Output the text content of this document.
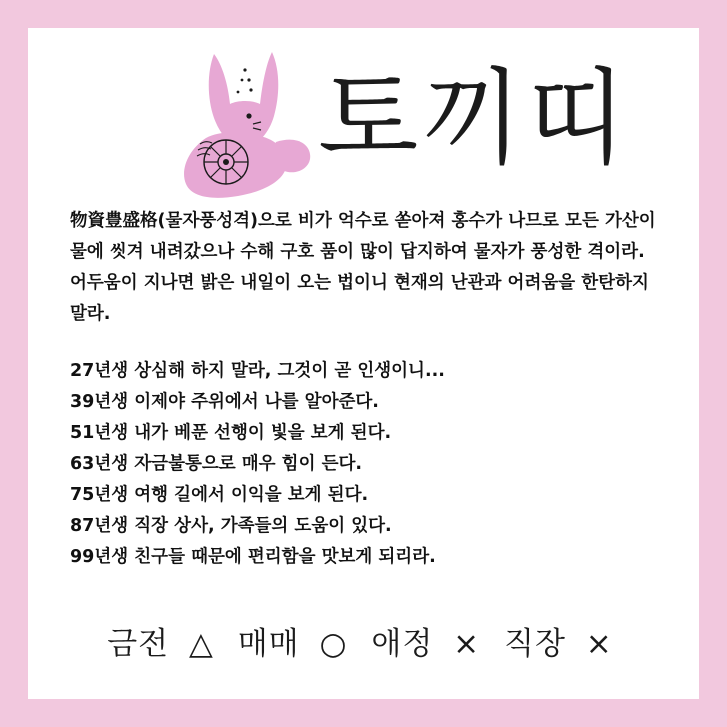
토끼띠

物資豊盛格(물자풍성격)으로 비가 억수로 쏟아져 홍수가 나므로 모든 가산이 물에 씻겨 내려갔으나 수해 구호 품이 많이 답지하여 물자가 풍성한 격이라. 어두움이 지나면 밝은 내일이 오는 법이니 현재의 난관과 어려움을 한탄하지 말라.

27년생 상심해 하지 말라, 그것이 곧 인생이니...
39년생 이제야 주위에서 나를 알아준다.
51년생 내가 베푼 선행이 빛을 보게 된다.
63년생 자금불통으로 매우 힘이 든다.
75년생 여행 길에서 이익을 보게 된다.
87년생 직장 상사, 가족들의 도움이 있다.
99년생 친구들 때문에 편리함을 맛보게 되리라.
금전 △ 매매 ○ 애정 × 직장 ×
